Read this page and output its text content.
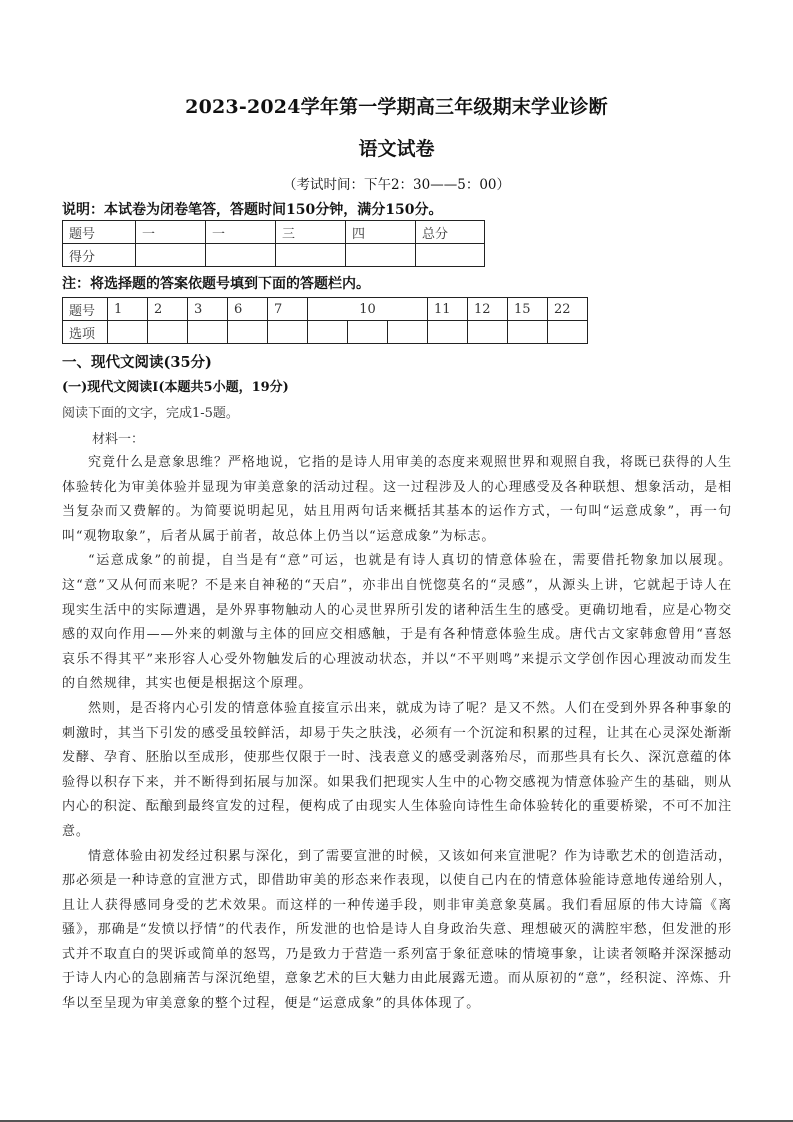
2023-2024学年第一学期高三年级期末学业诊断
语文试卷
（考试时间：下午2：30——5：00）
说明：本试卷为闭卷笔答，答题时间150分钟，满分150分。
题号	一	一	三	四	总分
得分					
注：将选择题的答案依题号填到下面的答题栏内。
题号	1	2	3	6	7	10			11	12	15	22
选项												
一、现代文阅读(35分)
(一)现代文阅读Ⅰ(本题共5小题，19分)
阅读下面的文字，完成1-5题。
材料一：

究竟什么是意象思维？严格地说，它指的是诗人用审美的态度来观照世界和观照自我，将既已获得的人生体验转化为审美体验并显现为审美意象的活动过程。这一过程涉及人的心理感受及各种联想、想象活动，是相当复杂而又费解的。为简要说明起见，姑且用两句话来概括其基本的运作方式，一句叫“运意成象”，再一句叫“观物取象”，后者从属于前者，故总体上仍当以“运意成象”为标志。

“运意成象”的前提，自当是有“意”可运，也就是有诗人真切的情意体验在，需要借托物象加以展现。这“意”又从何而来呢？不是来自神秘的“天启”，亦非出自恍惚莫名的“灵感”，从源头上讲，它就起于诗人在现实生活中的实际遭遇，是外界事物触动人的心灵世界所引发的诸种活生生的感受。更确切地看，应是心物交感的双向作用——外来的刺激与主体的回应交相感触，于是有各种情意体验生成。唐代古文家韩愈曾用“喜怒哀乐不得其平”来形容人心受外物触发后的心理波动状态，并以“不平则鸣”来提示文学创作因心理波动而发生的自然规律，其实也便是根据这个原理。

然则，是否将内心引发的情意体验直接宣示出来，就成为诗了呢？是又不然。人们在受到外界各种事象的刺激时，其当下引发的感受虽较鲜活，却易于失之肤浅，必须有一个沉淀和积累的过程，让其在心灵深处渐渐发酵、孕育、胚胎以至成形，使那些仅限于一时、浅表意义的感受剥落殆尽，而那些具有长久、深沉意蕴的体验得以积存下来，并不断得到拓展与加深。如果我们把现实人生中的心物交感视为情意体验产生的基础，则从内心的积淀、酝酿到最终宣发的过程，便构成了由现实人生体验向诗性生命体验转化的重要桥梁，不可不加注意。

情意体验由初发经过积累与深化，到了需要宣泄的时候，又该如何来宣泄呢？作为诗歌艺术的创造活动，那必须是一种诗意的宣泄方式，即借助审美的形态来作表现，以使自己内在的情意体验能诗意地传递给别人，且让人获得感同身受的艺术效果。而这样的一种传递手段，则非审美意象莫属。我们看屈原的伟大诗篇《离骚》，那确是“发愤以抒情”的代表作，所发泄的也恰是诗人自身政治失意、理想破灭的满腔牢愁，但发泄的形式并不取直白的哭诉或简单的怒骂，乃是致力于营造一系列富于象征意味的情境事象，让读者领略并深深撼动于诗人内心的急剧痛苦与深沉绝望，意象艺术的巨大魅力由此展露无遗。而从原初的“意”，经积淀、淬炼、升华以至呈现为审美意象的整个过程，便是“运意成象”的具体体现了。
